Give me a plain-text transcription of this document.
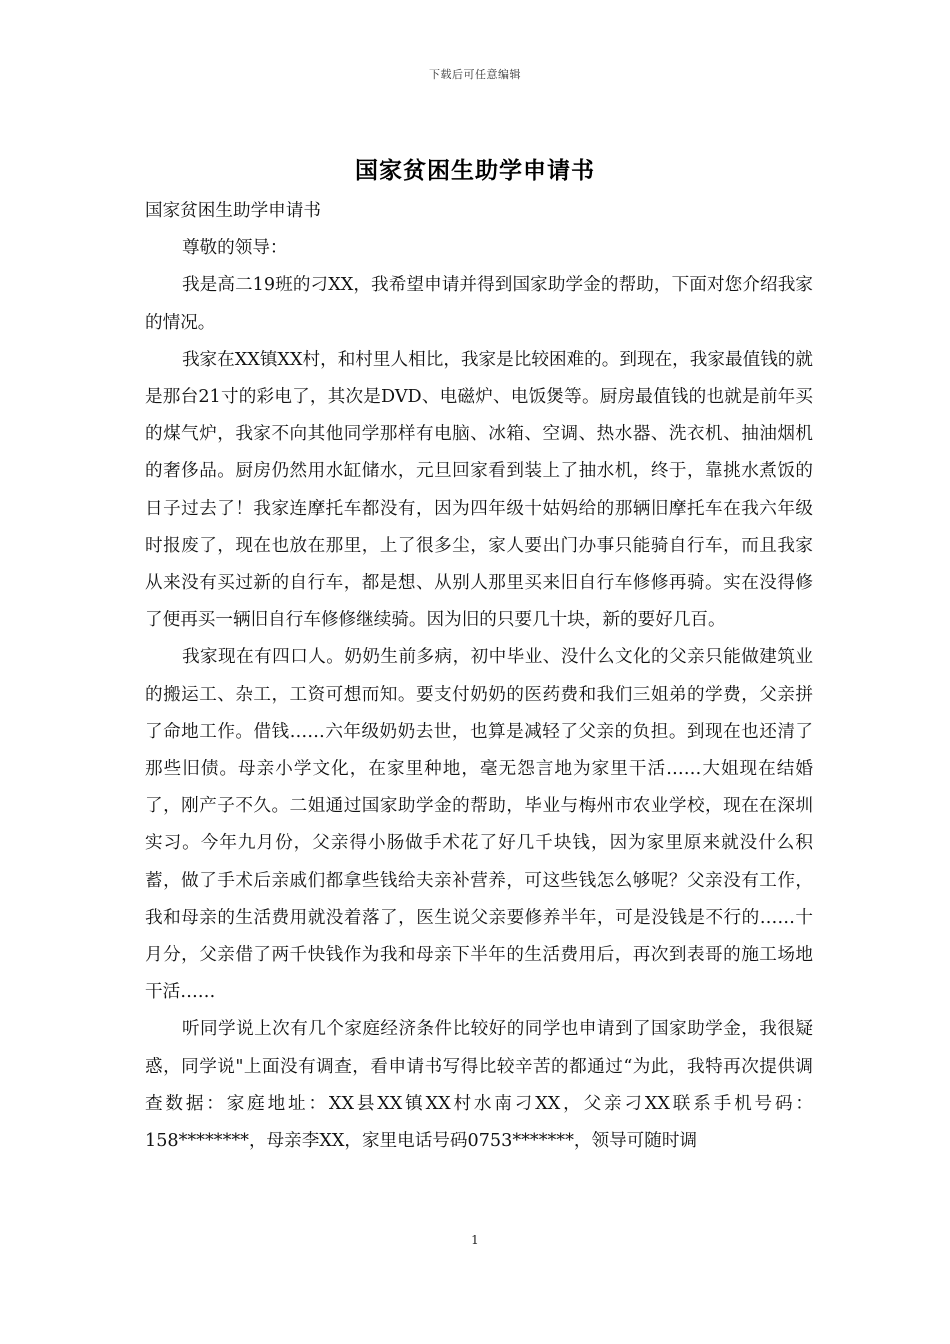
下载后可任意编辑
国家贫困生助学申请书

国家贫困生助学申请书

尊敬的领导：

我是高二19班的刁XX，我希望申请并得到国家助学金的帮助，下面对您介绍我家的情况。

我家在XX镇XX村，和村里人相比，我家是比较困难的。到现在，我家最值钱的就是那台21寸的彩电了，其次是DVD、电磁炉、电饭煲等。厨房最值钱的也就是前年买的煤气炉，我家不向其他同学那样有电脑、冰箱、空调、热水器、洗衣机、抽油烟机的奢侈品。厨房仍然用水缸储水，元旦回家看到装上了抽水机，终于，靠挑水煮饭的日子过去了！我家连摩托车都没有，因为四年级十姑妈给的那辆旧摩托车在我六年级时报废了，现在也放在那里，上了很多尘，家人要出门办事只能骑自行车，而且我家从来没有买过新的自行车，都是想、从别人那里买来旧自行车修修再骑。实在没得修了便再买一辆旧自行车修修继续骑。因为旧的只要几十块，新的要好几百。

我家现在有四口人。奶奶生前多病，初中毕业、没什么文化的父亲只能做建筑业的搬运工、杂工，工资可想而知。要支付奶奶的医药费和我们三姐弟的学费，父亲拼了命地工作。借钱……六年级奶奶去世，也算是减轻了父亲的负担。到现在也还清了那些旧债。母亲小学文化，在家里种地，毫无怨言地为家里干活……大姐现在结婚了，刚产子不久。二姐通过国家助学金的帮助，毕业与梅州市农业学校，现在在深圳实习。今年九月份，父亲得小肠做手术花了好几千块钱，因为家里原来就没什么积蓄，做了手术后亲戚们都拿些钱给夫亲补营养，可这些钱怎么够呢？父亲没有工作，我和母亲的生活费用就没着落了，医生说父亲要修养半年，可是没钱是不行的……十月分，父亲借了两千快钱作为我和母亲下半年的生活费用后，再次到表哥的施工场地干活……

听同学说上次有几个家庭经济条件比较好的同学也申请到了国家助学金，我很疑惑，同学说"上面没有调查，看申请书写得比较辛苦的都通过“为此，我特再次提供调查数据：家庭地址：XX县XX镇XX村水南刁XX，父亲刁XX联系手机号码：158********，母亲李XX，家里电话号码0753*******，领导可随时调

1
